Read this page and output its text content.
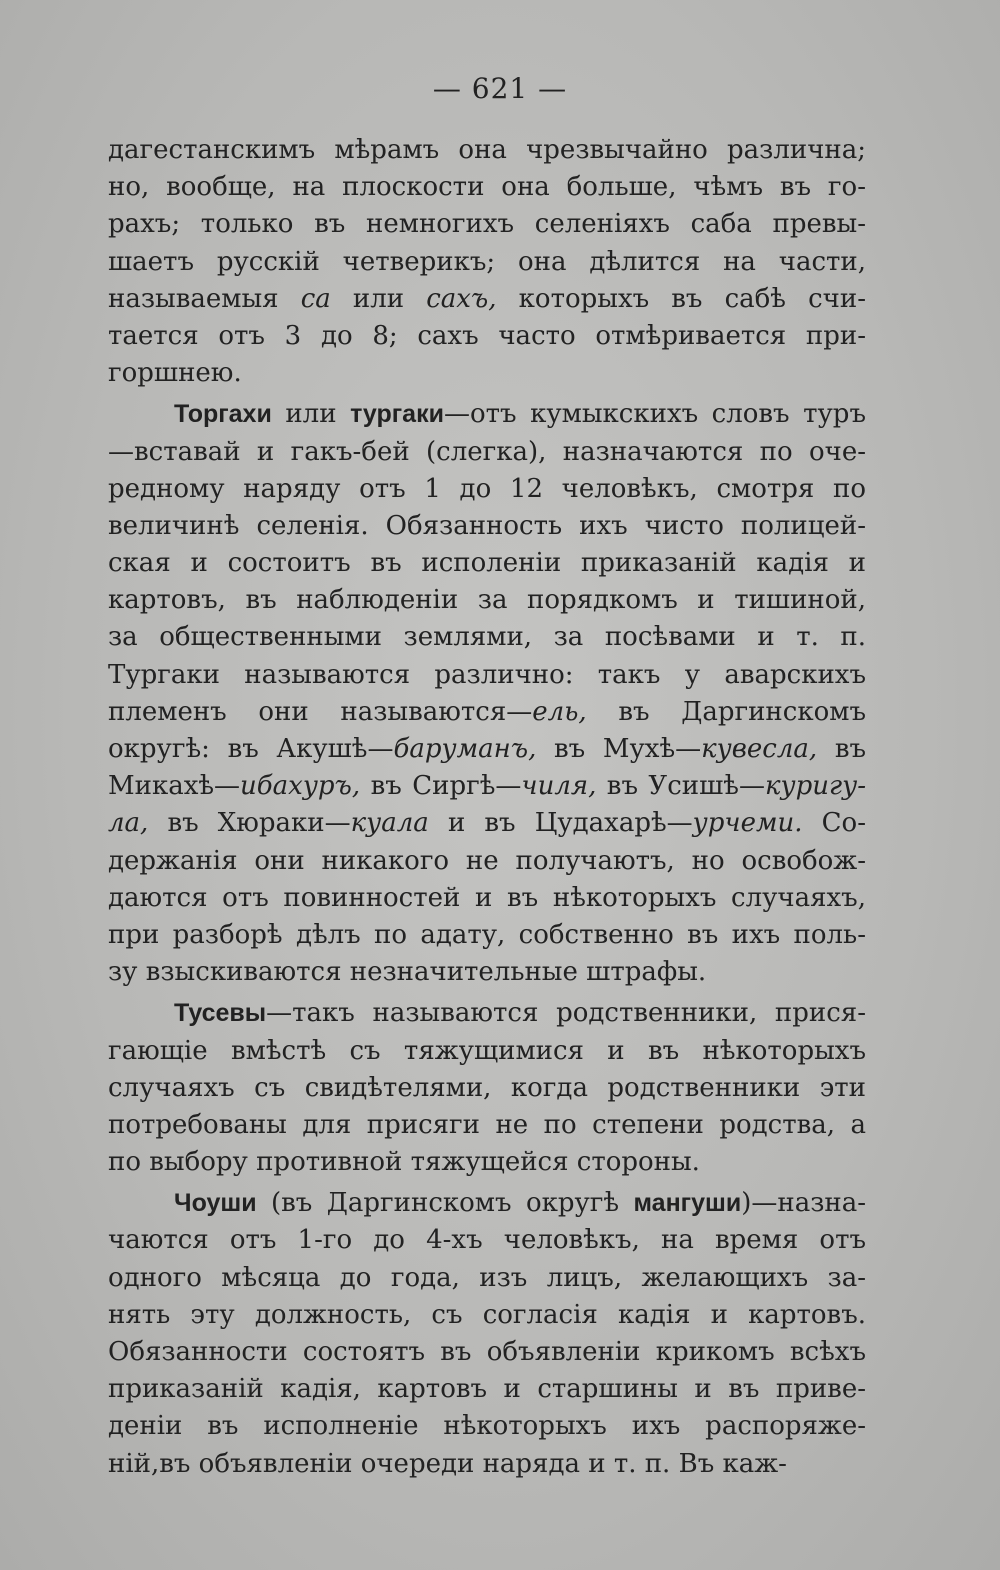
— 621 —
дагестанскимъ мѣрамъ она чрезвычайно различна;
но, вообще, на плоскости она больше, чѣмъ въ го-
рахъ; только въ немногихъ селеніяхъ саба превы-
шаетъ русскій четверикъ; она дѣлится на части,
называемыя са или сахъ, которыхъ въ сабѣ счи-
тается отъ 3 до 8; сахъ часто отмѣривается при-
горшнею.
Торгахи или тургаки—отъ кумыкскихъ словъ туръ
—вставай и гакъ-бей (слегка), назначаются по оче-
редному наряду отъ 1 до 12 человѣкъ, смотря по
величинѣ селенія. Обязанность ихъ чисто полицей-
ская и состоитъ въ исполеніи приказаній кадія и
картовъ, въ наблюденіи за порядкомъ и тишиной,
за общественными землями, за посѣвами и т. п.
Тургаки называются различно: такъ у аварскихъ
племенъ они называются—ель, въ Даргинскомъ
округѣ: въ Акушѣ—баруманъ, въ Мухѣ—кувесла, въ
Микахѣ—ибахуръ, въ Сиргѣ—чиля, въ Усишѣ—куригу-
ла, въ Хюраки—куала и въ Цудахарѣ—урчеми. Со-
держанія они никакого не получаютъ, но освобож-
даются отъ повинностей и въ нѣкоторыхъ случаяхъ,
при разборѣ дѣлъ по адату, собственно въ ихъ поль-
зу взыскиваются незначительные штрафы.
Тусевы—такъ называются родственники, прися-
гающіе вмѣстѣ съ тяжущимися и въ нѣкоторыхъ
случаяхъ съ свидѣтелями, когда родственники эти
потребованы для присяги не по степени родства, а
по выбору противной тяжущейся стороны.
Чоуши (въ Даргинскомъ округѣ мангуши)—назна-
чаются отъ 1-го до 4-хъ человѣкъ, на время отъ
одного мѣсяца до года, изъ лицъ, желающихъ за-
нять эту должность, съ согласія кадія и картовъ.
Обязанности состоятъ въ объявленіи крикомъ всѣхъ
приказаній кадія, картовъ и старшины и въ приве-
деніи въ исполненіе нѣкоторыхъ ихъ распоряже-
ній,въ объявленіи очереди наряда и т. п. Въ каж-
